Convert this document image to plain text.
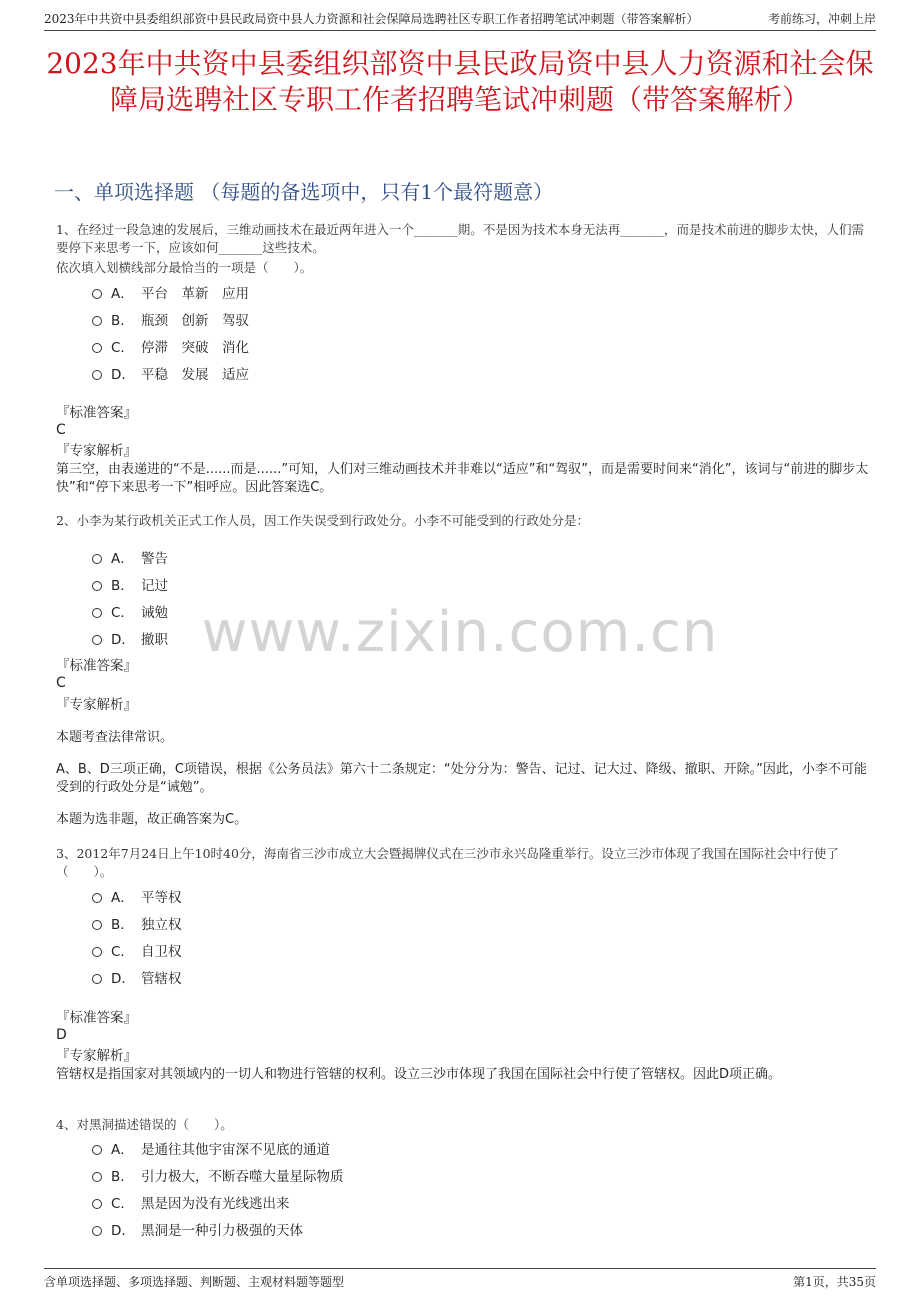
2023年中共资中县委组织部资中县民政局资中县人力资源和社会保障局选聘社区专职工作者招聘笔试冲刺题（带答案解析）	考前练习，冲刺上岸
2023年中共资中县委组织部资中县民政局资中县人力资源和社会保障局选聘社区专职工作者招聘笔试冲刺题（带答案解析）
一、单项选择题 （每题的备选项中，只有1个最符题意）
www.zixin.com.cn
1、在经过一段急速的发展后，三维动画技术在最近两年进入一个_______期。不是因为技术本身无法再_______，而是技术前进的脚步太快，人们需要停下来思考一下，应该如何_______这些技术。
依次填入划横线部分最恰当的一项是（　　）。
A． 平台　革新　应用
B． 瓶颈　创新　驾驭
C． 停滞　突破　消化
D． 平稳　发展　适应
『标准答案』
C
『专家解析』
第三空，由表递进的“不是......而是......”可知，人们对三维动画技术并非难以“适应”和“驾驭”，而是需要时间来“消化”，该词与“前进的脚步太快”和“停下来思考一下”相呼应。因此答案选C。
2、小李为某行政机关正式工作人员，因工作失误受到行政处分。小李不可能受到的行政处分是：
A． 警告
B． 记过
C． 诫勉
D． 撤职
『标准答案』
C
『专家解析』
本题考查法律常识。
A、B、D三项正确，C项错误，根据《公务员法》第六十二条规定：“处分分为：警告、记过、记大过、降级、撤职、开除。”因此，小李不可能受到的行政处分是“诫勉”。
本题为选非题，故正确答案为C。
3、2012年7月24日上午10时40分，海南省三沙市成立大会暨揭牌仪式在三沙市永兴岛隆重举行。设立三沙市体现了我国在国际社会中行使了（　　）。
A． 平等权
B． 独立权
C． 自卫权
D． 管辖权
『标准答案』
D
『专家解析』
管辖权是指国家对其领域内的一切人和物进行管辖的权利。设立三沙市体现了我国在国际社会中行使了管辖权。因此D项正确。
4、对黑洞描述错误的（　　）。
A． 是通往其他宇宙深不见底的通道
B． 引力极大，不断吞噬大量星际物质
C． 黑是因为没有光线逃出来
D． 黑洞是一种引力极强的天体
含单项选择题、多项选择题、判断题、主观材料题等题型	第1页，共35页
